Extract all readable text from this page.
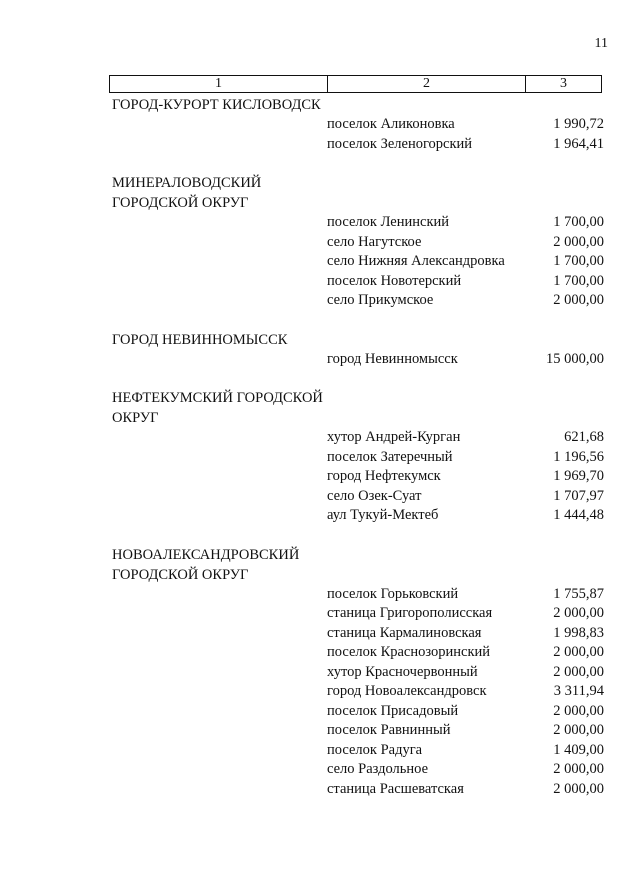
11
1	2	3
ГОРОД-КУРОРТ КИСЛОВОДСК
поселок Аликоновка	1 990,72
поселок Зеленогорский	1 964,41
МИНЕРАЛОВОДСКИЙ ГОРОДСКОЙ ОКРУГ
поселок Ленинский	1 700,00
село Нагутское	2 000,00
село Нижняя Александровка	1 700,00
поселок Новотерский	1 700,00
село Прикумское	2 000,00
ГОРОД НЕВИННОМЫССК
город Невинномысск	15 000,00
НЕФТЕКУМСКИЙ ГОРОДСКОЙ ОКРУГ
хутор Андрей-Курган	621,68
поселок Затеречный	1 196,56
город Нефтекумск	1 969,70
село Озек-Суат	1 707,97
аул Тукуй-Мектеб	1 444,48
НОВОАЛЕКСАНДРОВСКИЙ ГОРОДСКОЙ ОКРУГ
поселок Горьковский	1 755,87
станица Григорополисская	2 000,00
станица Кармалиновская	1 998,83
поселок Краснозоринский	2 000,00
хутор Красночервонный	2 000,00
город Новоалександровск	3 311,94
поселок Присадовый	2 000,00
поселок Равнинный	2 000,00
поселок Радуга	1 409,00
село Раздольное	2 000,00
станица Расшеватская	2 000,00
